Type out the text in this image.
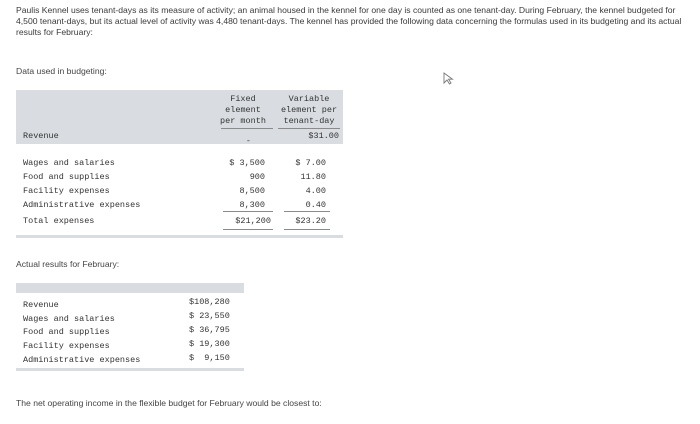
Paulis Kennel uses tenant-days as its measure of activity; an animal housed in the kennel for one day is counted as one tenant-day. During February, the kennel budgeted for 4,500 tenant-days, but its actual level of activity was 4,480 tenant-days. The kennel has provided the following data concerning the formulas used in its budgeting and its actual results for February:
Data used in budgeting:
Fixed
element
per month
Variable
element per
tenant-day
Revenue	-	$31.00
Wages and salaries	$ 3,500	$ 7.00
Food and supplies	900	11.80
Facility expenses	8,500	4.00
Administrative expenses	8,300	0.40
Total expenses	$21,200	$23.20
Actual results for February:
Revenue	$108,280
Wages and salaries	$ 23,550
Food and supplies	$ 36,795
Facility expenses	$ 19,300
Administrative expenses	$  9,150
The net operating income in the flexible budget for February would be closest to:
